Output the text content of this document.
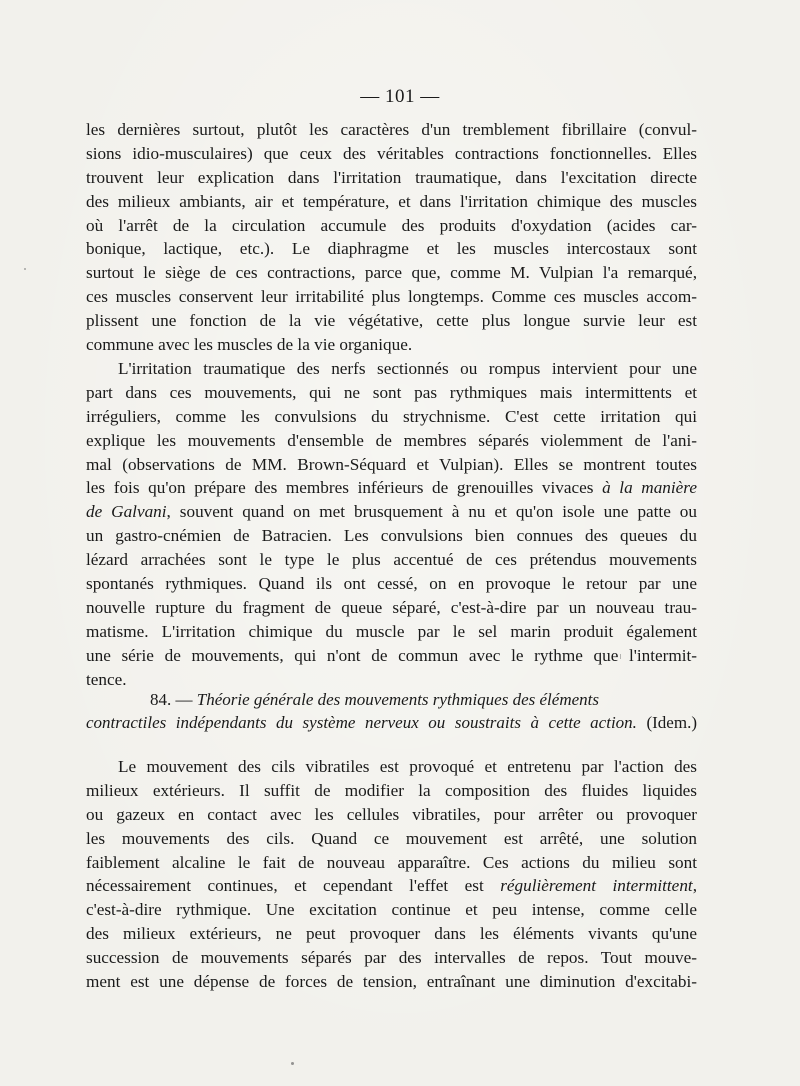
— 101 —
les dernières surtout, plutôt les caractères d'un tremblement fibrillaire (convul-
sions idio-musculaires) que ceux des véritables contractions fonctionnelles. Elles
trouvent leur explication dans l'irritation traumatique, dans l'excitation directe
des milieux ambiants, air et température, et dans l'irritation chimique des muscles
où l'arrêt de la circulation accumule des produits d'oxydation (acides car-
bonique, lactique, etc.). Le diaphragme et les muscles intercostaux sont
surtout le siège de ces contractions, parce que, comme M. Vulpian l'a remarqué,
ces muscles conservent leur irritabilité plus longtemps. Comme ces muscles accom-
plissent une fonction de la vie végétative, cette plus longue survie leur est
commune avec les muscles de la vie organique.
L'irritation traumatique des nerfs sectionnés ou rompus intervient pour une
part dans ces mouvements, qui ne sont pas rythmiques mais intermittents et
irréguliers, comme les convulsions du strychnisme. C'est cette irritation qui
explique les mouvements d'ensemble de membres séparés violemment de l'ani-
mal (observations de MM. Brown-Séquard et Vulpian). Elles se montrent toutes
les fois qu'on prépare des membres inférieurs de grenouilles vivaces à la manière
de Galvani, souvent quand on met brusquement à nu et qu'on isole une patte ou
un gastro-cnémien de Batracien. Les convulsions bien connues des queues du
lézard arrachées sont le type le plus accentué de ces prétendus mouvements
spontanés rythmiques. Quand ils ont cessé, on en provoque le retour par une
nouvelle rupture du fragment de queue séparé, c'est-à-dire par un nouveau trau-
matisme. L'irritation chimique du muscle par le sel marin produit également
une série de mouvements, qui n'ont de commun avec le rythme que l'intermit-
tence.
84. — Théorie générale des mouvements rythmiques des éléments
contractiles indépendants du système nerveux ou soustraits à cette action. (Idem.)
Le mouvement des cils vibratiles est provoqué et entretenu par l'action des
milieux extérieurs. Il suffit de modifier la composition des fluides liquides
ou gazeux en contact avec les cellules vibratiles, pour arrêter ou provoquer
les mouvements des cils. Quand ce mouvement est arrêté, une solution
faiblement alcaline le fait de nouveau apparaître. Ces actions du milieu sont
nécessairement continues, et cependant l'effet est régulièrement intermittent,
c'est-à-dire rythmique. Une excitation continue et peu intense, comme celle
des milieux extérieurs, ne peut provoquer dans les éléments vivants qu'une
succession de mouvements séparés par des intervalles de repos. Tout mouve-
ment est une dépense de forces de tension, entraînant une diminution d'excitabi-
